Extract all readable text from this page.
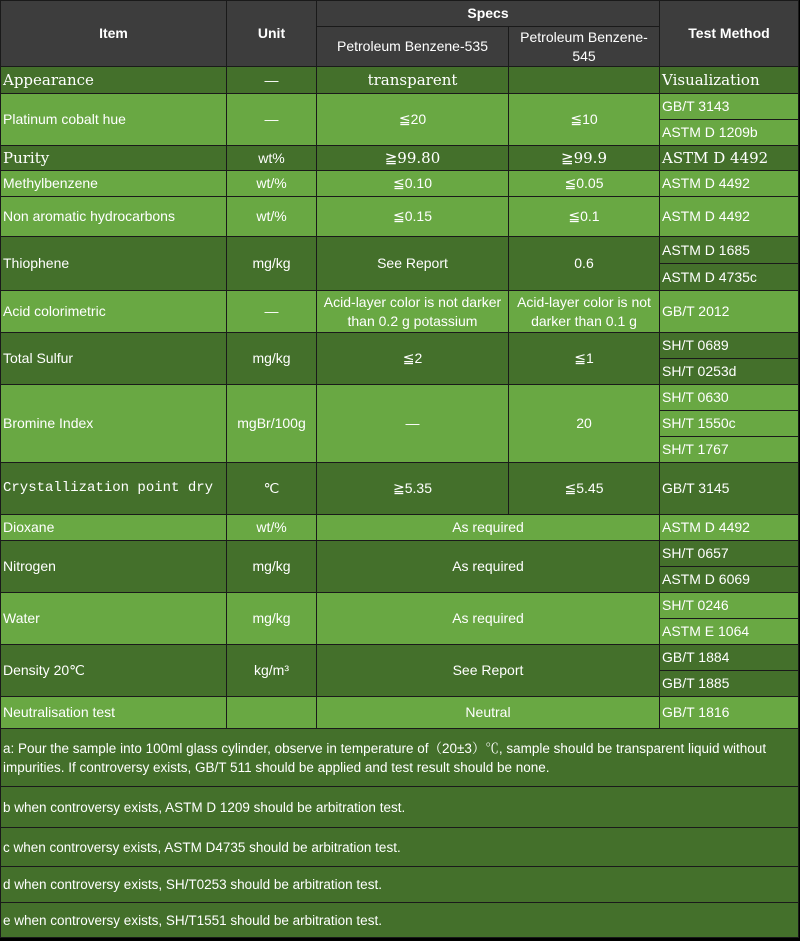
Item	Unit	Specs		Test Method
		Petroleum Benzene-535	Petroleum Benzene-545	
Appearance	—	transparent		Visualization
Platinum cobalt hue	—	≦20	≦10	GB/T 3143
				ASTM D 1209b
Purity	wt%	≧99.80	≧99.9	ASTM D 4492
Methylbenzene	wt/%	≦0.10	≦0.05	ASTM D 4492
Non aromatic hydrocarbons	wt/%	≦0.15	≦0.1	ASTM D 4492
Thiophene	mg/kg	See Report	0.6	ASTM D 1685
				ASTM D 4735c
Acid colorimetric	—	Acid-layer color is not darker than 0.2 g potassium	Acid-layer color is not darker than 0.1 g	GB/T 2012
Total Sulfur	mg/kg	≦2	≦1	SH/T 0689
				SH/T 0253d
Bromine Index	mgBr/100g	—	20	SH/T 0630
				SH/T 1550c
				SH/T 1767
Crystallization point dry	℃	≧5.35	≦5.45	GB/T 3145
Dioxane	wt/%	As required		ASTM D 4492
Nitrogen	mg/kg	As required		SH/T 0657
				ASTM D 6069
Water	mg/kg	As required		SH/T 0246
				ASTM E 1064
Density 20℃	kg/m³	See Report		GB/T 1884
				GB/T 1885
Neutralisation test		Neutral		GB/T 1816
a: Pour the sample into 100ml glass cylinder, observe in temperature of（20±3）℃, sample should be transparent liquid without impurities. If controversy exists, GB/T 511 should be applied and test result should be none.				
b when controversy exists, ASTM D 1209 should be arbitration test.				
c when controversy exists, ASTM D4735 should be arbitration test.				
d when controversy exists, SH/T0253 should be arbitration test.				
e when controversy exists, SH/T1551 should be arbitration test.				
